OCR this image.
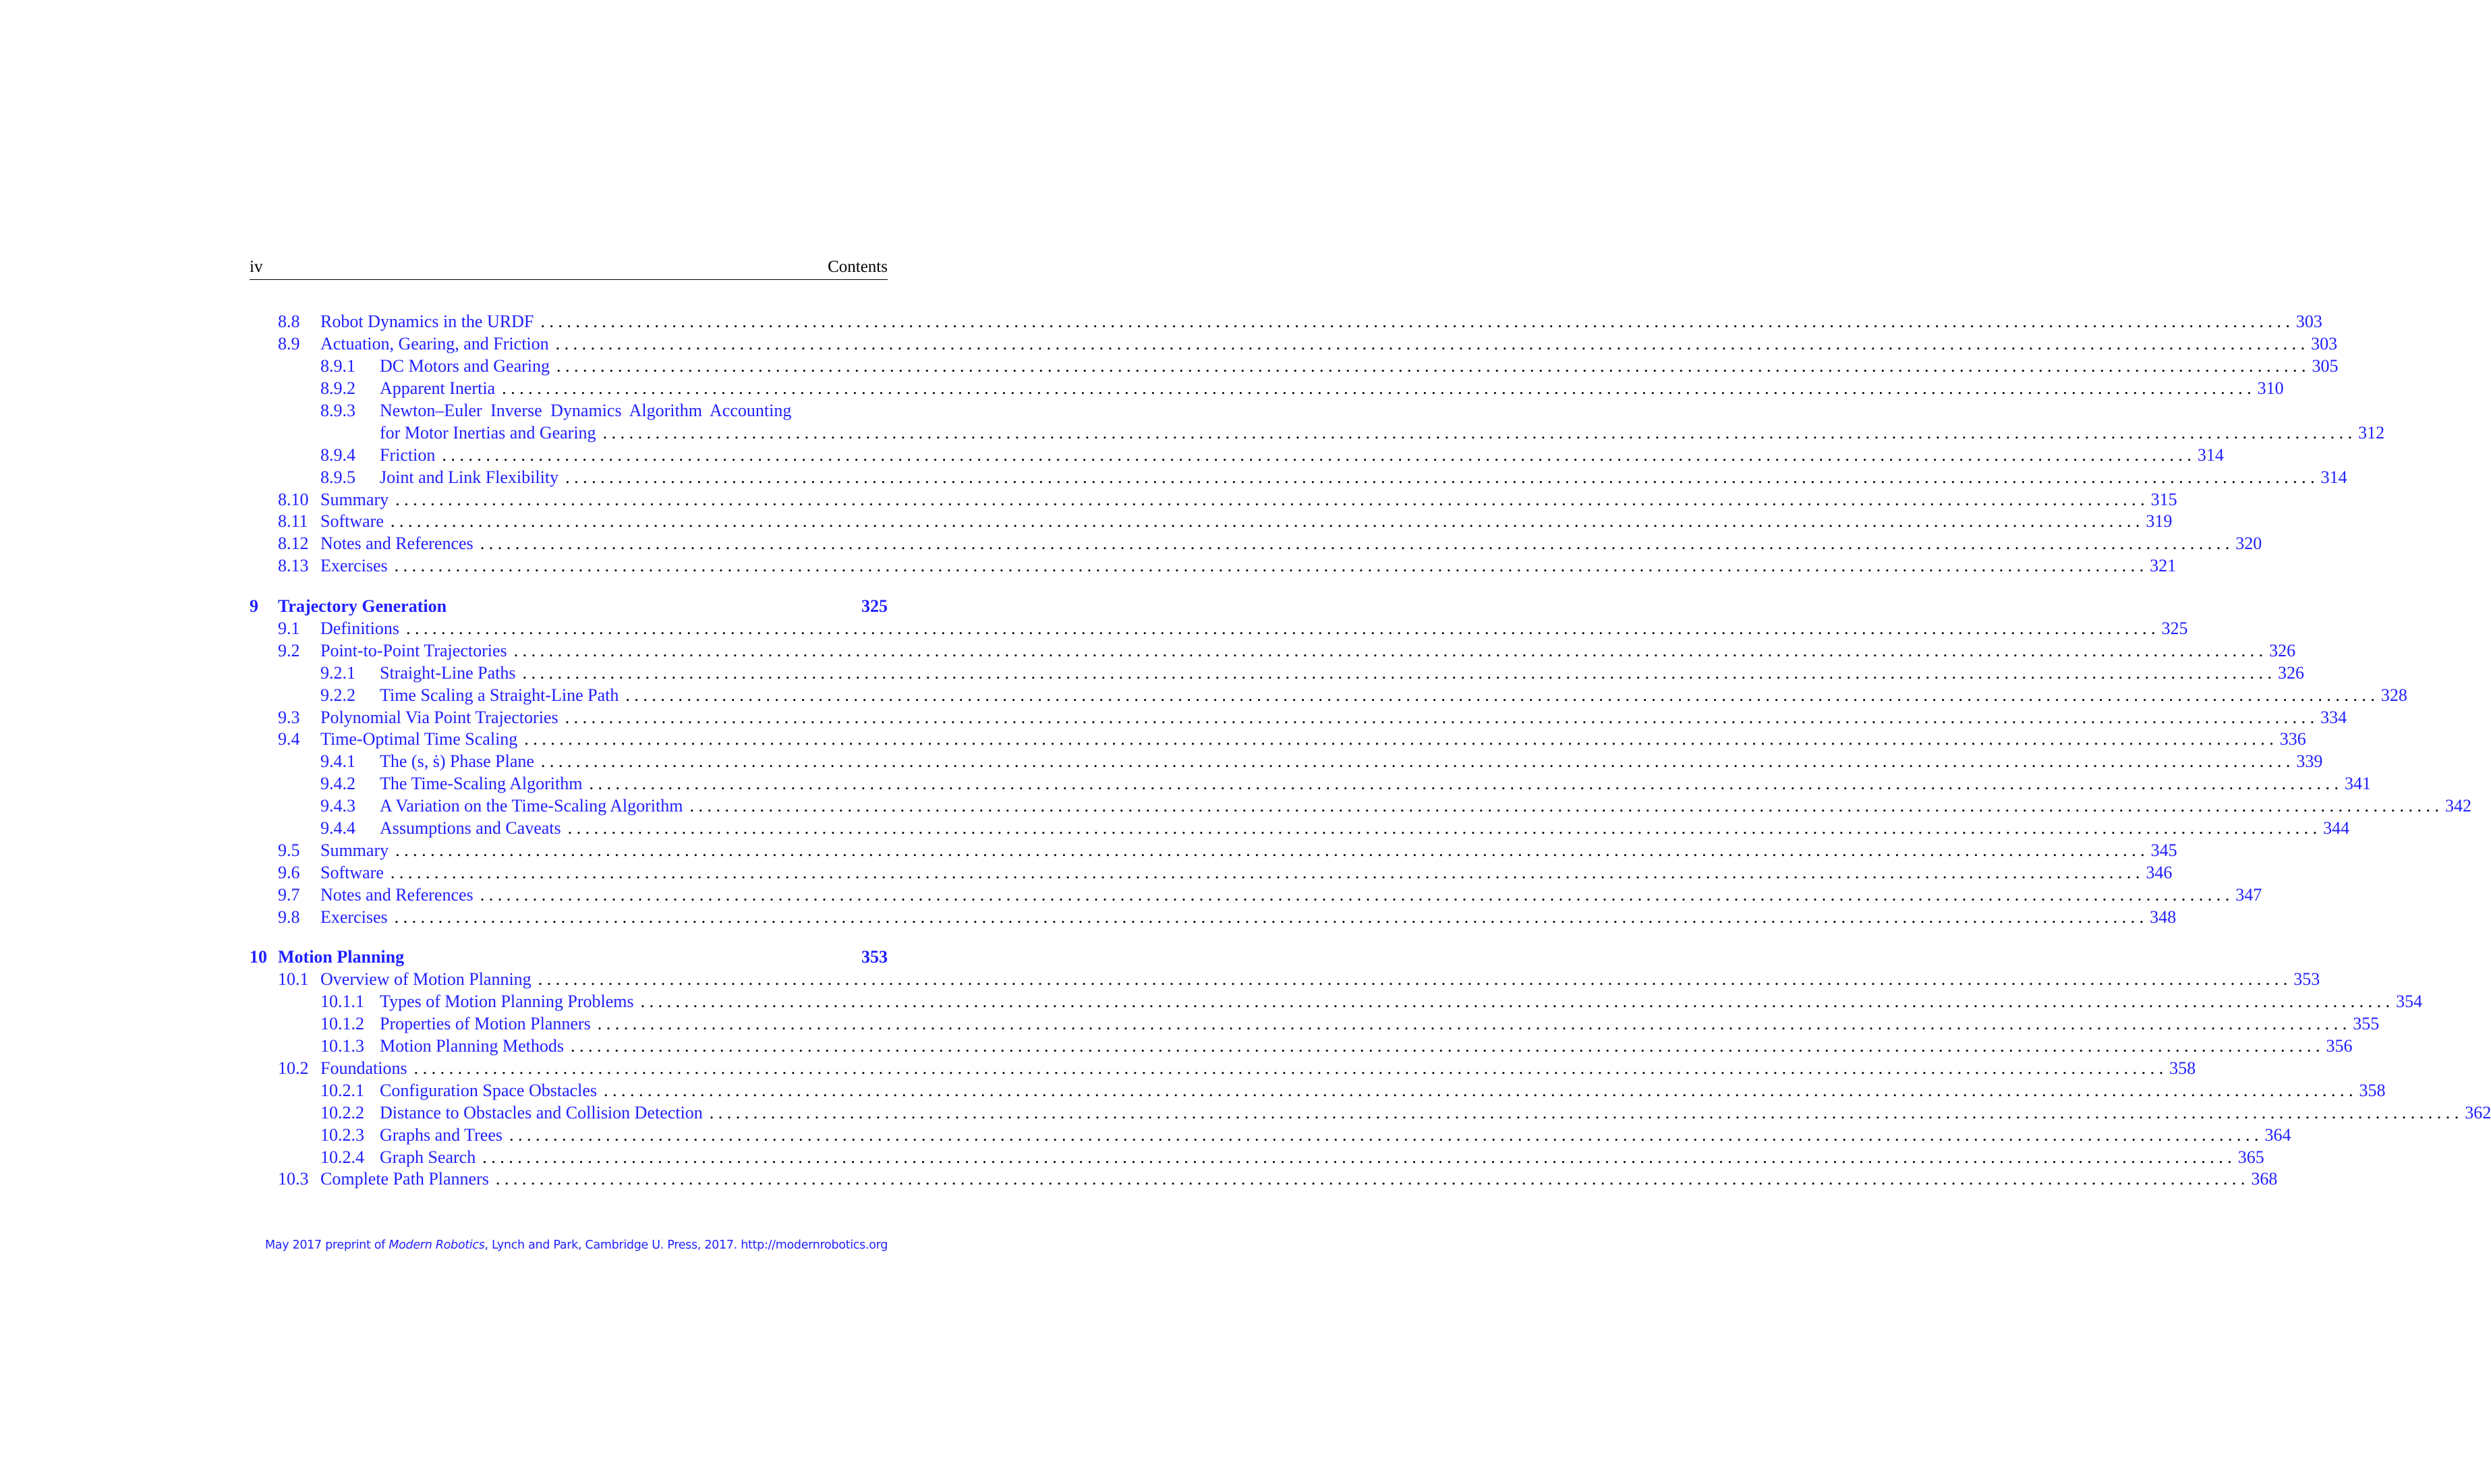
iv	Contents
8.8 Robot Dynamics in the URDF . . . . . . . . . . . . . . . . . . . . . . . . . . . . . . . . . . . . . . . . . . . . . . . . . . . . . . . . . . . . . . . . . . . . . . . . . . . . . . . . . . . . . . . . . . . . . . . . . . . . . . . . . . . . . . . . . . . . . . . . . . . . . . . . . . . . . . . . . . . . . . . . . . . . . . . . . . . . . . . . . . . . . . . . . . . . . . . . . . . . . . . . . . . . . . . . . . . . . . . . 303
8.9 Actuation, Gearing, and Friction . . . . . . . . . . . . . . . . . . . . . . . . . . . . . . . . . . . . . . . . . . . . . . . . . . . . . . . . . . . . . . . . . . . . . . . . . . . . . . . . . . . . . . . . . . . . . . . . . . . . . . . . . . . . . . . . . . . . . . . . . . . . . . . . . . . . . . . . . . . . . . . . . . . . . . . . . . . . . . . . . . . . . . . . . . . . . . . . . . . . . . . . . . . . . . . . . . . . . . . . 303
8.9.1 DC Motors and Gearing . . . . . . . . . . . . . . . . . . . . . . . . . . . . . . . . . . . . . . . . . . . . . . . . . . . . . . . . . . . . . . . . . . . . . . . . . . . . . . . . . . . . . . . . . . . . . . . . . . . . . . . . . . . . . . . . . . . . . . . . . . . . . . . . . . . . . . . . . . . . . . . . . . . . . . . . . . . . . . . . . . . . . . . . . . . . . . . . . . . . . . . . . . . . . . . . . . . . . . . . 305
8.9.2 Apparent Inertia . . . . . . . . . . . . . . . . . . . . . . . . . . . . . . . . . . . . . . . . . . . . . . . . . . . . . . . . . . . . . . . . . . . . . . . . . . . . . . . . . . . . . . . . . . . . . . . . . . . . . . . . . . . . . . . . . . . . . . . . . . . . . . . . . . . . . . . . . . . . . . . . . . . . . . . . . . . . . . . . . . . . . . . . . . . . . . . . . . . . . . . . . . . . . . . . . . . . . . . . 310
8.9.3 Newton–Euler Inverse Dynamics Algorithm Accounting
for Motor Inertias and Gearing . . . . . . . . . . . . . . . . . . . . . . . . . . . . . . . . . . . . . . . . . . . . . . . . . . . . . . . . . . . . . . . . . . . . . . . . . . . . . . . . . . . . . . . . . . . . . . . . . . . . . . . . . . . . . . . . . . . . . . . . . . . . . . . . . . . . . . . . . . . . . . . . . . . . . . . . . . . . . . . . . . . . . . . . . . . . . . . . . . . . . . . . . . . . . . . . . . . . . . . . 312
8.9.4 Friction . . . . . . . . . . . . . . . . . . . . . . . . . . . . . . . . . . . . . . . . . . . . . . . . . . . . . . . . . . . . . . . . . . . . . . . . . . . . . . . . . . . . . . . . . . . . . . . . . . . . . . . . . . . . . . . . . . . . . . . . . . . . . . . . . . . . . . . . . . . . . . . . . . . . . . . . . . . . . . . . . . . . . . . . . . . . . . . . . . . . . . . . . . . . . . . . . . . . . . . . 314
8.9.5 Joint and Link Flexibility . . . . . . . . . . . . . . . . . . . . . . . . . . . . . . . . . . . . . . . . . . . . . . . . . . . . . . . . . . . . . . . . . . . . . . . . . . . . . . . . . . . . . . . . . . . . . . . . . . . . . . . . . . . . . . . . . . . . . . . . . . . . . . . . . . . . . . . . . . . . . . . . . . . . . . . . . . . . . . . . . . . . . . . . . . . . . . . . . . . . . . . . . . . . . . . . . . . . . . . . 314
8.10 Summary . . . . . . . . . . . . . . . . . . . . . . . . . . . . . . . . . . . . . . . . . . . . . . . . . . . . . . . . . . . . . . . . . . . . . . . . . . . . . . . . . . . . . . . . . . . . . . . . . . . . . . . . . . . . . . . . . . . . . . . . . . . . . . . . . . . . . . . . . . . . . . . . . . . . . . . . . . . . . . . . . . . . . . . . . . . . . . . . . . . . . . . . . . . . . . . . . . . . . . . . 315
8.11 Software . . . . . . . . . . . . . . . . . . . . . . . . . . . . . . . . . . . . . . . . . . . . . . . . . . . . . . . . . . . . . . . . . . . . . . . . . . . . . . . . . . . . . . . . . . . . . . . . . . . . . . . . . . . . . . . . . . . . . . . . . . . . . . . . . . . . . . . . . . . . . . . . . . . . . . . . . . . . . . . . . . . . . . . . . . . . . . . . . . . . . . . . . . . . . . . . . . . . . . . . 319
8.12 Notes and References . . . . . . . . . . . . . . . . . . . . . . . . . . . . . . . . . . . . . . . . . . . . . . . . . . . . . . . . . . . . . . . . . . . . . . . . . . . . . . . . . . . . . . . . . . . . . . . . . . . . . . . . . . . . . . . . . . . . . . . . . . . . . . . . . . . . . . . . . . . . . . . . . . . . . . . . . . . . . . . . . . . . . . . . . . . . . . . . . . . . . . . . . . . . . . . . . . . . . . . . 320
8.13 Exercises . . . . . . . . . . . . . . . . . . . . . . . . . . . . . . . . . . . . . . . . . . . . . . . . . . . . . . . . . . . . . . . . . . . . . . . . . . . . . . . . . . . . . . . . . . . . . . . . . . . . . . . . . . . . . . . . . . . . . . . . . . . . . . . . . . . . . . . . . . . . . . . . . . . . . . . . . . . . . . . . . . . . . . . . . . . . . . . . . . . . . . . . . . . . . . . . . . . . . . . . 321
9 Trajectory Generation	325
9.1 Definitions . . . . . . . . . . . . . . . . . . . . . . . . . . . . . . . . . . . . . . . . . . . . . . . . . . . . . . . . . . . . . . . . . . . . . . . . . . . . . . . . . . . . . . . . . . . . . . . . . . . . . . . . . . . . . . . . . . . . . . . . . . . . . . . . . . . . . . . . . . . . . . . . . . . . . . . . . . . . . . . . . . . . . . . . . . . . . . . . . . . . . . . . . . . . . . . . . . . . . . . . 325
9.2 Point-to-Point Trajectories . . . . . . . . . . . . . . . . . . . . . . . . . . . . . . . . . . . . . . . . . . . . . . . . . . . . . . . . . . . . . . . . . . . . . . . . . . . . . . . . . . . . . . . . . . . . . . . . . . . . . . . . . . . . . . . . . . . . . . . . . . . . . . . . . . . . . . . . . . . . . . . . . . . . . . . . . . . . . . . . . . . . . . . . . . . . . . . . . . . . . . . . . . . . . . . . . . . . . . . . 326
9.2.1 Straight-Line Paths . . . . . . . . . . . . . . . . . . . . . . . . . . . . . . . . . . . . . . . . . . . . . . . . . . . . . . . . . . . . . . . . . . . . . . . . . . . . . . . . . . . . . . . . . . . . . . . . . . . . . . . . . . . . . . . . . . . . . . . . . . . . . . . . . . . . . . . . . . . . . . . . . . . . . . . . . . . . . . . . . . . . . . . . . . . . . . . . . . . . . . . . . . . . . . . . . . . . . . . . 326
9.2.2 Time Scaling a Straight-Line Path . . . . . . . . . . . . . . . . . . . . . . . . . . . . . . . . . . . . . . . . . . . . . . . . . . . . . . . . . . . . . . . . . . . . . . . . . . . . . . . . . . . . . . . . . . . . . . . . . . . . . . . . . . . . . . . . . . . . . . . . . . . . . . . . . . . . . . . . . . . . . . . . . . . . . . . . . . . . . . . . . . . . . . . . . . . . . . . . . . . . . . . . . . . . . . . . . . . . . . . . 328
9.3 Polynomial Via Point Trajectories . . . . . . . . . . . . . . . . . . . . . . . . . . . . . . . . . . . . . . . . . . . . . . . . . . . . . . . . . . . . . . . . . . . . . . . . . . . . . . . . . . . . . . . . . . . . . . . . . . . . . . . . . . . . . . . . . . . . . . . . . . . . . . . . . . . . . . . . . . . . . . . . . . . . . . . . . . . . . . . . . . . . . . . . . . . . . . . . . . . . . . . . . . . . . . . . . . . . . . . . 334
9.4 Time-Optimal Time Scaling . . . . . . . . . . . . . . . . . . . . . . . . . . . . . . . . . . . . . . . . . . . . . . . . . . . . . . . . . . . . . . . . . . . . . . . . . . . . . . . . . . . . . . . . . . . . . . . . . . . . . . . . . . . . . . . . . . . . . . . . . . . . . . . . . . . . . . . . . . . . . . . . . . . . . . . . . . . . . . . . . . . . . . . . . . . . . . . . . . . . . . . . . . . . . . . . . . . . . . . . 336
9.4.1 The (s, ṡ) Phase Plane . . . . . . . . . . . . . . . . . . . . . . . . . . . . . . . . . . . . . . . . . . . . . . . . . . . . . . . . . . . . . . . . . . . . . . . . . . . . . . . . . . . . . . . . . . . . . . . . . . . . . . . . . . . . . . . . . . . . . . . . . . . . . . . . . . . . . . . . . . . . . . . . . . . . . . . . . . . . . . . . . . . . . . . . . . . . . . . . . . . . . . . . . . . . . . . . . . . . . . . . 339
9.4.2 The Time-Scaling Algorithm . . . . . . . . . . . . . . . . . . . . . . . . . . . . . . . . . . . . . . . . . . . . . . . . . . . . . . . . . . . . . . . . . . . . . . . . . . . . . . . . . . . . . . . . . . . . . . . . . . . . . . . . . . . . . . . . . . . . . . . . . . . . . . . . . . . . . . . . . . . . . . . . . . . . . . . . . . . . . . . . . . . . . . . . . . . . . . . . . . . . . . . . . . . . . . . . . . . . . . . . 341
9.4.3 A Variation on the Time-Scaling Algorithm . . . . . . . . . . . . . . . . . . . . . . . . . . . . . . . . . . . . . . . . . . . . . . . . . . . . . . . . . . . . . . . . . . . . . . . . . . . . . . . . . . . . . . . . . . . . . . . . . . . . . . . . . . . . . . . . . . . . . . . . . . . . . . . . . . . . . . . . . . . . . . . . . . . . . . . . . . . . . . . . . . . . . . . . . . . . . . . . . . . . . . . . . . . . . . . . . . . . . . . . 342
9.4.4 Assumptions and Caveats . . . . . . . . . . . . . . . . . . . . . . . . . . . . . . . . . . . . . . . . . . . . . . . . . . . . . . . . . . . . . . . . . . . . . . . . . . . . . . . . . . . . . . . . . . . . . . . . . . . . . . . . . . . . . . . . . . . . . . . . . . . . . . . . . . . . . . . . . . . . . . . . . . . . . . . . . . . . . . . . . . . . . . . . . . . . . . . . . . . . . . . . . . . . . . . . . . . . . . . . 344
9.5 Summary . . . . . . . . . . . . . . . . . . . . . . . . . . . . . . . . . . . . . . . . . . . . . . . . . . . . . . . . . . . . . . . . . . . . . . . . . . . . . . . . . . . . . . . . . . . . . . . . . . . . . . . . . . . . . . . . . . . . . . . . . . . . . . . . . . . . . . . . . . . . . . . . . . . . . . . . . . . . . . . . . . . . . . . . . . . . . . . . . . . . . . . . . . . . . . . . . . . . . . . . 345
9.6 Software . . . . . . . . . . . . . . . . . . . . . . . . . . . . . . . . . . . . . . . . . . . . . . . . . . . . . . . . . . . . . . . . . . . . . . . . . . . . . . . . . . . . . . . . . . . . . . . . . . . . . . . . . . . . . . . . . . . . . . . . . . . . . . . . . . . . . . . . . . . . . . . . . . . . . . . . . . . . . . . . . . . . . . . . . . . . . . . . . . . . . . . . . . . . . . . . . . . . . . . . 346
9.7 Notes and References . . . . . . . . . . . . . . . . . . . . . . . . . . . . . . . . . . . . . . . . . . . . . . . . . . . . . . . . . . . . . . . . . . . . . . . . . . . . . . . . . . . . . . . . . . . . . . . . . . . . . . . . . . . . . . . . . . . . . . . . . . . . . . . . . . . . . . . . . . . . . . . . . . . . . . . . . . . . . . . . . . . . . . . . . . . . . . . . . . . . . . . . . . . . . . . . . . . . . . . . 347
9.8 Exercises . . . . . . . . . . . . . . . . . . . . . . . . . . . . . . . . . . . . . . . . . . . . . . . . . . . . . . . . . . . . . . . . . . . . . . . . . . . . . . . . . . . . . . . . . . . . . . . . . . . . . . . . . . . . . . . . . . . . . . . . . . . . . . . . . . . . . . . . . . . . . . . . . . . . . . . . . . . . . . . . . . . . . . . . . . . . . . . . . . . . . . . . . . . . . . . . . . . . . . . . 348
10 Motion Planning	353
10.1 Overview of Motion Planning . . . . . . . . . . . . . . . . . . . . . . . . . . . . . . . . . . . . . . . . . . . . . . . . . . . . . . . . . . . . . . . . . . . . . . . . . . . . . . . . . . . . . . . . . . . . . . . . . . . . . . . . . . . . . . . . . . . . . . . . . . . . . . . . . . . . . . . . . . . . . . . . . . . . . . . . . . . . . . . . . . . . . . . . . . . . . . . . . . . . . . . . . . . . . . . . . . . . . . . . 353
10.1.1 Types of Motion Planning Problems . . . . . . . . . . . . . . . . . . . . . . . . . . . . . . . . . . . . . . . . . . . . . . . . . . . . . . . . . . . . . . . . . . . . . . . . . . . . . . . . . . . . . . . . . . . . . . . . . . . . . . . . . . . . . . . . . . . . . . . . . . . . . . . . . . . . . . . . . . . . . . . . . . . . . . . . . . . . . . . . . . . . . . . . . . . . . . . . . . . . . . . . . . . . . . . . . . . . . . . . 354
10.1.2 Properties of Motion Planners . . . . . . . . . . . . . . . . . . . . . . . . . . . . . . . . . . . . . . . . . . . . . . . . . . . . . . . . . . . . . . . . . . . . . . . . . . . . . . . . . . . . . . . . . . . . . . . . . . . . . . . . . . . . . . . . . . . . . . . . . . . . . . . . . . . . . . . . . . . . . . . . . . . . . . . . . . . . . . . . . . . . . . . . . . . . . . . . . . . . . . . . . . . . . . . . . . . . . . . . 355
10.1.3 Motion Planning Methods . . . . . . . . . . . . . . . . . . . . . . . . . . . . . . . . . . . . . . . . . . . . . . . . . . . . . . . . . . . . . . . . . . . . . . . . . . . . . . . . . . . . . . . . . . . . . . . . . . . . . . . . . . . . . . . . . . . . . . . . . . . . . . . . . . . . . . . . . . . . . . . . . . . . . . . . . . . . . . . . . . . . . . . . . . . . . . . . . . . . . . . . . . . . . . . . . . . . . . . . 356
10.2 Foundations . . . . . . . . . . . . . . . . . . . . . . . . . . . . . . . . . . . . . . . . . . . . . . . . . . . . . . . . . . . . . . . . . . . . . . . . . . . . . . . . . . . . . . . . . . . . . . . . . . . . . . . . . . . . . . . . . . . . . . . . . . . . . . . . . . . . . . . . . . . . . . . . . . . . . . . . . . . . . . . . . . . . . . . . . . . . . . . . . . . . . . . . . . . . . . . . . . . . . . . . 358
10.2.1 Configuration Space Obstacles . . . . . . . . . . . . . . . . . . . . . . . . . . . . . . . . . . . . . . . . . . . . . . . . . . . . . . . . . . . . . . . . . . . . . . . . . . . . . . . . . . . . . . . . . . . . . . . . . . . . . . . . . . . . . . . . . . . . . . . . . . . . . . . . . . . . . . . . . . . . . . . . . . . . . . . . . . . . . . . . . . . . . . . . . . . . . . . . . . . . . . . . . . . . . . . . . . . . . . . . 358
10.2.2 Distance to Obstacles and Collision Detection . . . . . . . . . . . . . . . . . . . . . . . . . . . . . . . . . . . . . . . . . . . . . . . . . . . . . . . . . . . . . . . . . . . . . . . . . . . . . . . . . . . . . . . . . . . . . . . . . . . . . . . . . . . . . . . . . . . . . . . . . . . . . . . . . . . . . . . . . . . . . . . . . . . . . . . . . . . . . . . . . . . . . . . . . . . . . . . . . . . . . . . . . . . . . . . . . . . . . . . . 362
10.2.3 Graphs and Trees . . . . . . . . . . . . . . . . . . . . . . . . . . . . . . . . . . . . . . . . . . . . . . . . . . . . . . . . . . . . . . . . . . . . . . . . . . . . . . . . . . . . . . . . . . . . . . . . . . . . . . . . . . . . . . . . . . . . . . . . . . . . . . . . . . . . . . . . . . . . . . . . . . . . . . . . . . . . . . . . . . . . . . . . . . . . . . . . . . . . . . . . . . . . . . . . . . . . . . . . 364
10.2.4 Graph Search . . . . . . . . . . . . . . . . . . . . . . . . . . . . . . . . . . . . . . . . . . . . . . . . . . . . . . . . . . . . . . . . . . . . . . . . . . . . . . . . . . . . . . . . . . . . . . . . . . . . . . . . . . . . . . . . . . . . . . . . . . . . . . . . . . . . . . . . . . . . . . . . . . . . . . . . . . . . . . . . . . . . . . . . . . . . . . . . . . . . . . . . . . . . . . . . . . . . . . . . 365
10.3 Complete Path Planners . . . . . . . . . . . . . . . . . . . . . . . . . . . . . . . . . . . . . . . . . . . . . . . . . . . . . . . . . . . . . . . . . . . . . . . . . . . . . . . . . . . . . . . . . . . . . . . . . . . . . . . . . . . . . . . . . . . . . . . . . . . . . . . . . . . . . . . . . . . . . . . . . . . . . . . . . . . . . . . . . . . . . . . . . . . . . . . . . . . . . . . . . . . . . . . . . . . . . . . . 368
May 2017 preprint of Modern Robotics, Lynch and Park, Cambridge U. Press, 2017. http://modernrobotics.org
